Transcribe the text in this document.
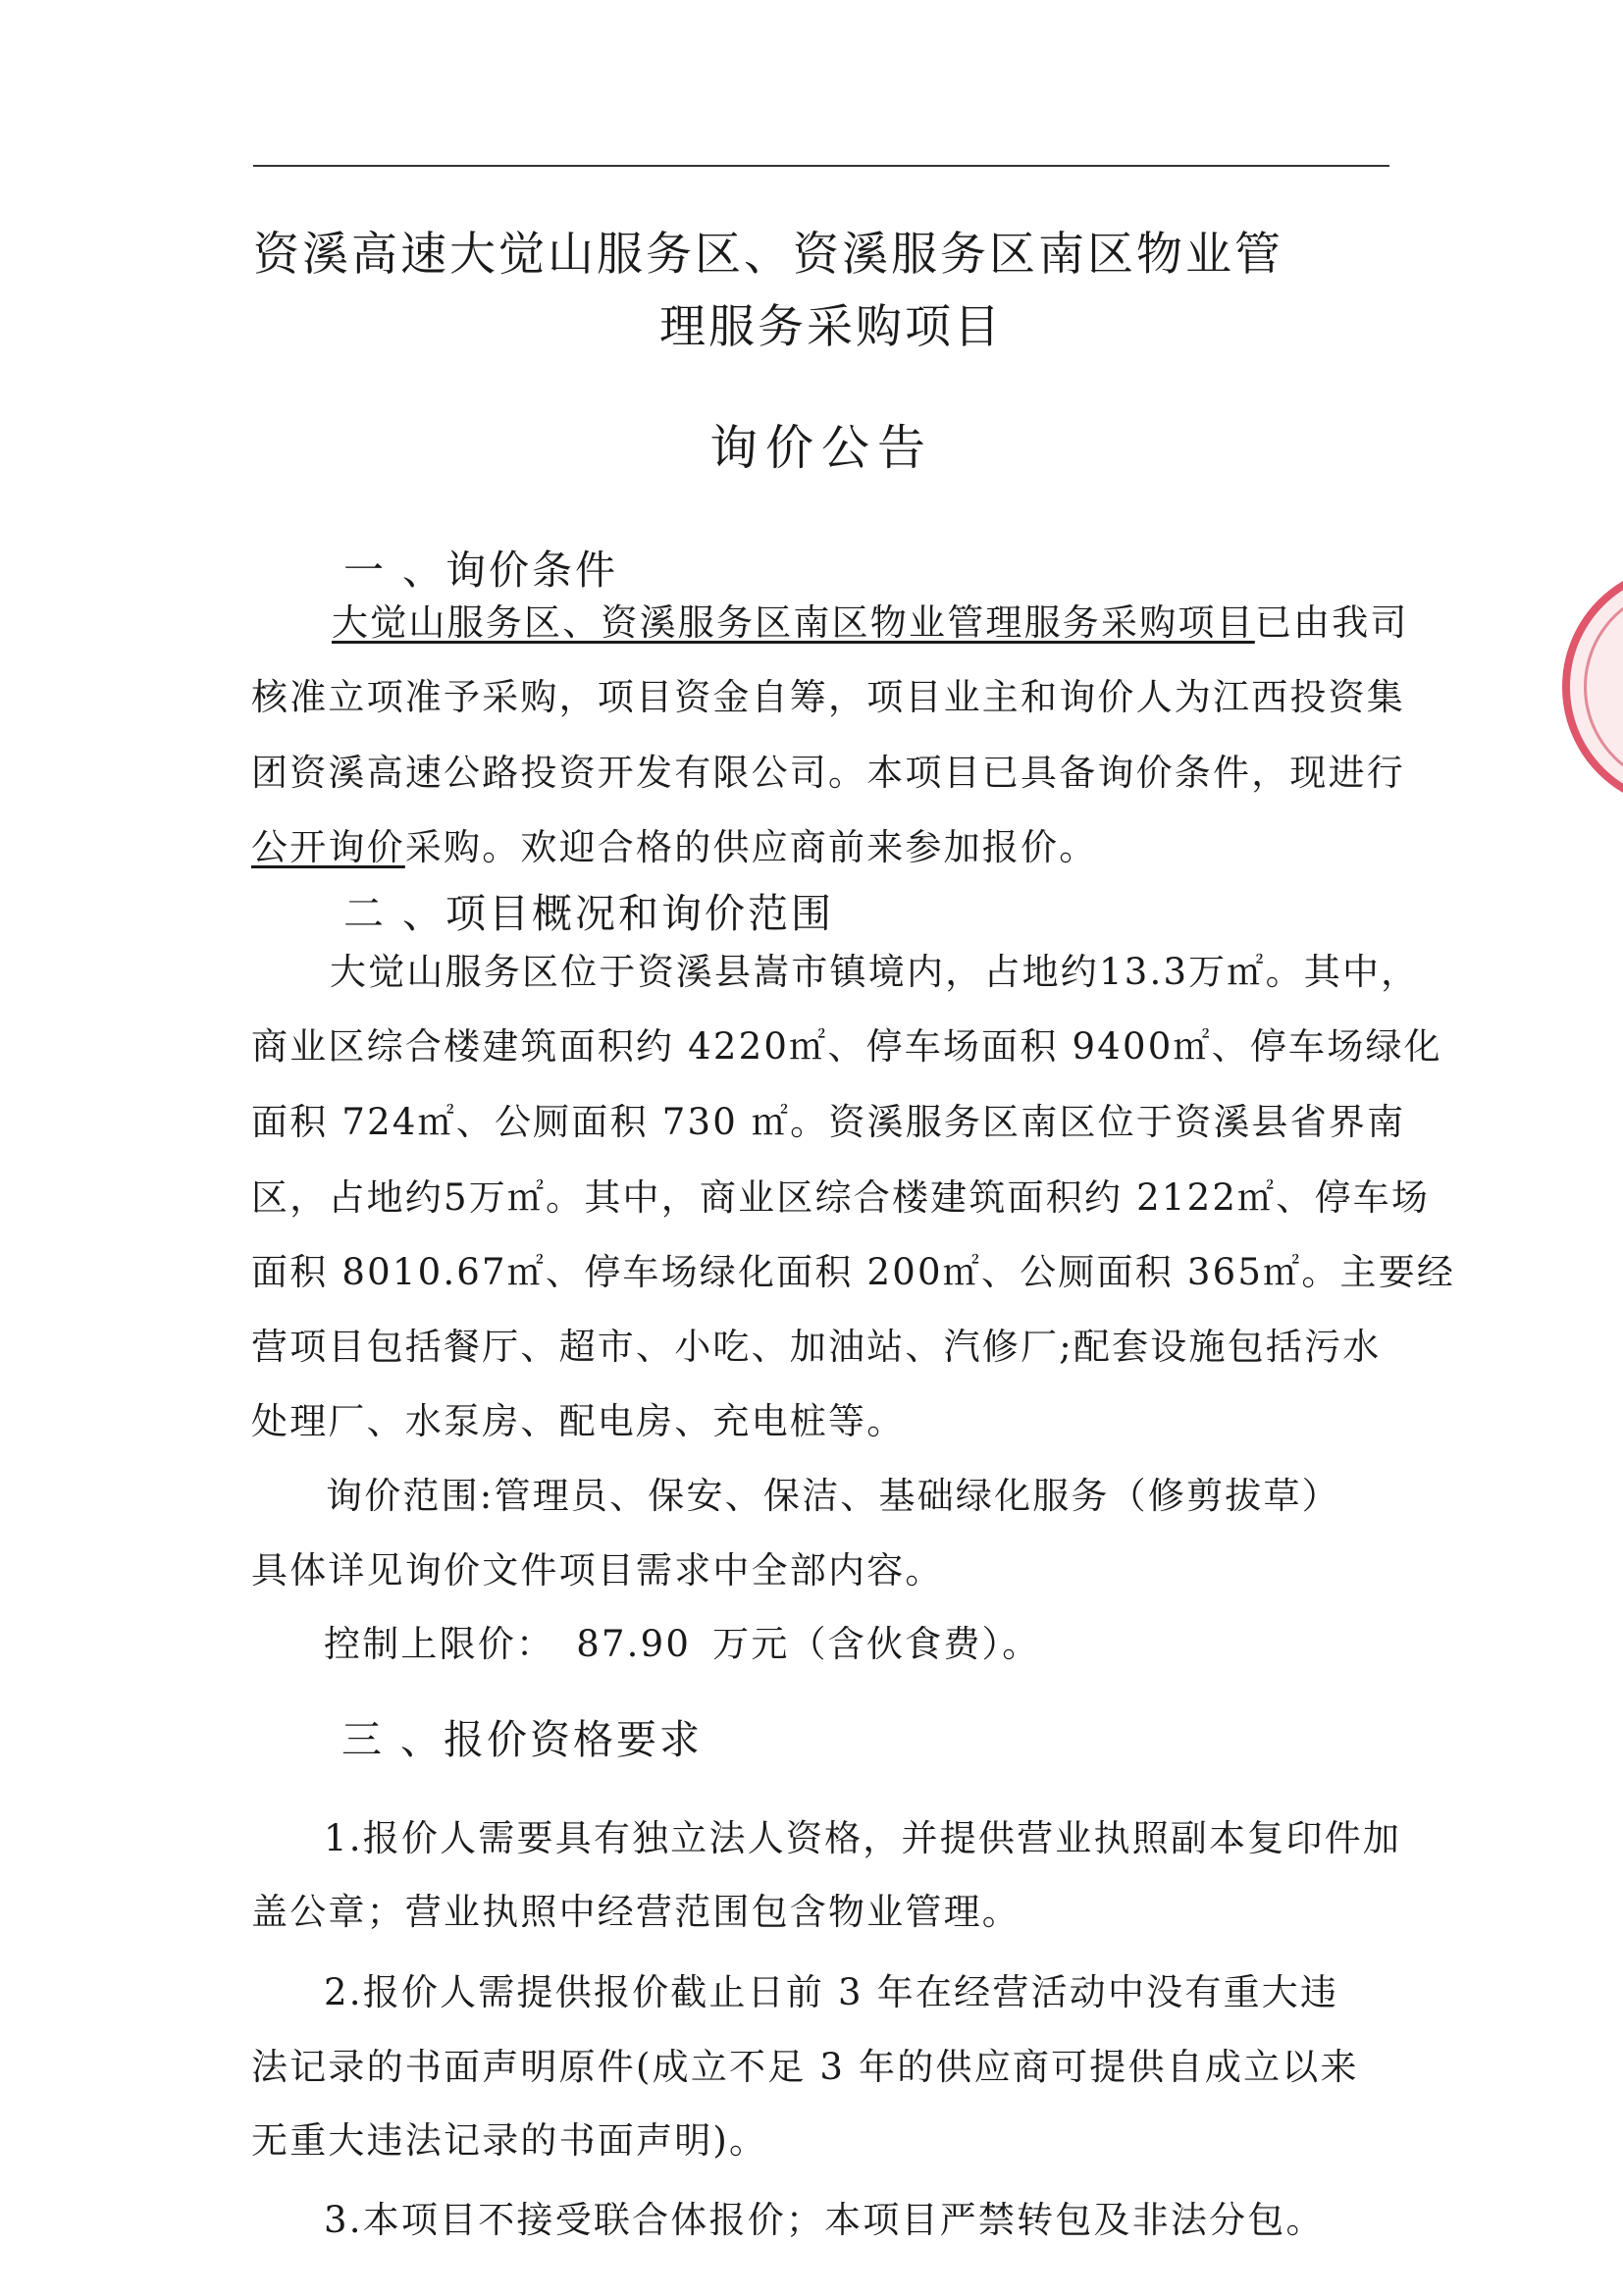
资溪高速大觉山服务区、资溪服务区南区物业管
理服务采购项目
询价公告
一 、询价条件
大觉山服务区、资溪服务区南区物业管理服务采购项目已由我司
核准立项准予采购，项目资金自筹，项目业主和询价人为江西投资集
团资溪高速公路投资开发有限公司。本项目已具备询价条件，现进行
公开询价采购。欢迎合格的供应商前来参加报价。
二 、项目概况和询价范围
大觉山服务区位于资溪县嵩市镇境内，占地约13.3万㎡。其中，
商业区综合楼建筑面积约 4220㎡、停车场面积 9400㎡、停车场绿化
面积 724㎡、公厕面积 730 ㎡。资溪服务区南区位于资溪县省界南
区，占地约5万㎡。其中，商业区综合楼建筑面积约 2122㎡、停车场
面积 8010.67㎡、停车场绿化面积 200㎡、公厕面积 365㎡。主要经
营项目包括餐厅、超市、小吃、加油站、汽修厂;配套设施包括污水
处理厂、水泵房、配电房、充电桩等。
询价范围:管理员、保安、保洁、基础绿化服务（修剪拔草）
具体详见询价文件项目需求中全部内容。
控制上限价： 87.90 万元（含伙食费）。
三 、报价资格要求
1.报价人需要具有独立法人资格，并提供营业执照副本复印件加
盖公章；营业执照中经营范围包含物业管理。
2.报价人需提供报价截止日前 3 年在经营活动中没有重大违
法记录的书面声明原件(成立不足 3 年的供应商可提供自成立以来
无重大违法记录的书面声明)。
3.本项目不接受联合体报价；本项目严禁转包及非法分包。
